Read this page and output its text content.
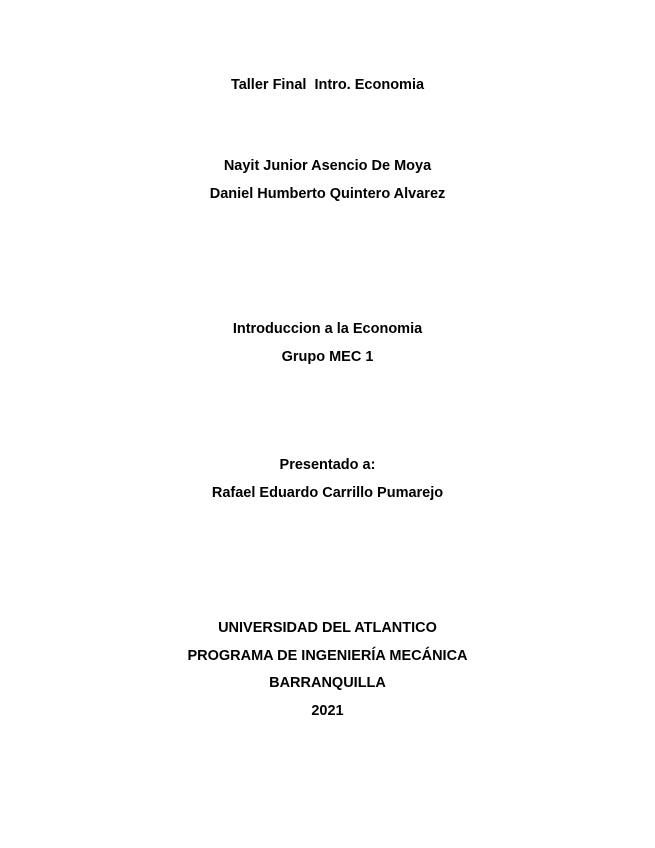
Taller Final  Intro. Economia
Nayit Junior Asencio De Moya
Daniel Humberto Quintero Alvarez
Introduccion a la Economia
Grupo MEC 1
Presentado a:
Rafael Eduardo Carrillo Pumarejo
UNIVERSIDAD DEL ATLANTICO
PROGRAMA DE INGENIERÍA MECÁNICA
BARRANQUILLA
2021
